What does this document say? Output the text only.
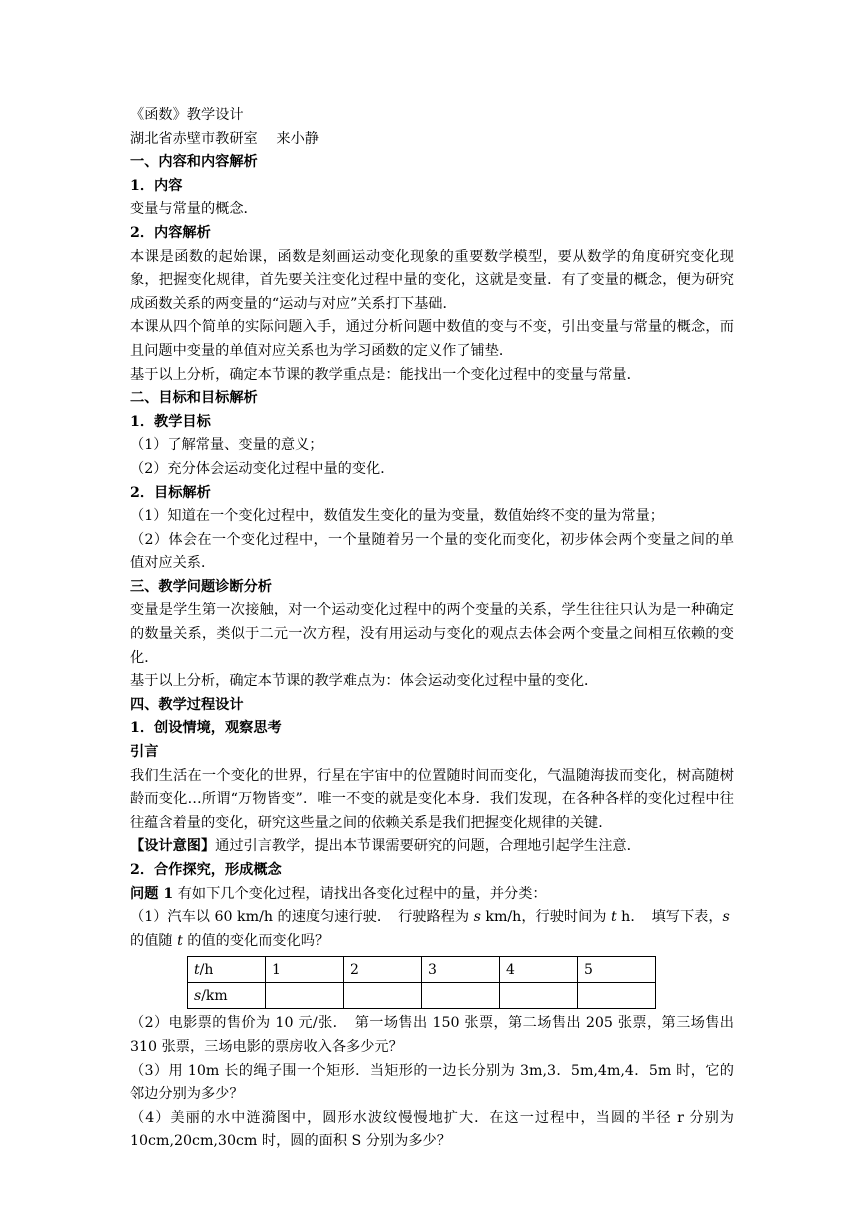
《函数》教学设计

湖北省赤壁市教研室　 来小静

一、内容和内容解析

1．内容

变量与常量的概念．

2．内容解析

本课是函数的起始课，函数是刻画运动变化现象的重要数学模型，要从数学的角度研究变化现象，把握变化规律，首先要关注变化过程中量的变化，这就是变量．有了变量的概念，便为研究成函数关系的两变量的“运动与对应”关系打下基础．

本课从四个简单的实际问题入手，通过分析问题中数值的变与不变，引出变量与常量的概念，而且问题中变量的单值对应关系也为学习函数的定义作了铺垫．

基于以上分析，确定本节课的教学重点是：能找出一个变化过程中的变量与常量．

二、目标和目标解析

1．教学目标

（1）了解常量、变量的意义；

（2）充分体会运动变化过程中量的变化．

2．目标解析

（1）知道在一个变化过程中，数值发生变化的量为变量，数值始终不变的量为常量；

（2）体会在一个变化过程中，一个量随着另一个量的变化而变化，初步体会两个变量之间的单值对应关系．

三、教学问题诊断分析

变量是学生第一次接触，对一个运动变化过程中的两个变量的关系，学生往往只认为是一种确定的数量关系，类似于二元一次方程，没有用运动与变化的观点去体会两个变量之间相互依赖的变化．

基于以上分析，确定本节课的教学难点为：体会运动变化过程中量的变化．

四、教学过程设计

1．创设情境，观察思考

引言

我们生活在一个变化的世界，行星在宇宙中的位置随时间而变化，气温随海拔而变化，树高随树龄而变化…所谓“万物皆变”．唯一不变的就是变化本身．我们发现，在各种各样的变化过程中往往蕴含着量的变化，研究这些量之间的依赖关系是我们把握变化规律的关键．

【设计意图】通过引言教学，提出本节课需要研究的问题，合理地引起学生注意．

2．合作探究，形成概念

问题 1 有如下几个变化过程，请找出各变化过程中的量，并分类：

（1）汽车以 60 km/h 的速度匀速行驶．　行驶路程为 s km/h，行驶时间为 t h．　填写下表，s

的值随 t 的值的变化而变化吗？

t/h	1	2	3	4	5
s/km					

（2）电影票的售价为 10 元/张．　第一场售出 150 张票，第二场售出 205 张票，第三场售出 310 张票，三场电影的票房收入各多少元？

（3）用 10m 长的绳子围一个矩形．当矩形的一边长分别为 3m,3．5m,4m,4．5m 时，它的邻边分别为多少？

（4）美丽的水中涟漪图中，圆形水波纹慢慢地扩大．在这一过程中，当圆的半径 r 分别为 10cm,20cm,30cm 时，圆的面积 S 分别为多少？
